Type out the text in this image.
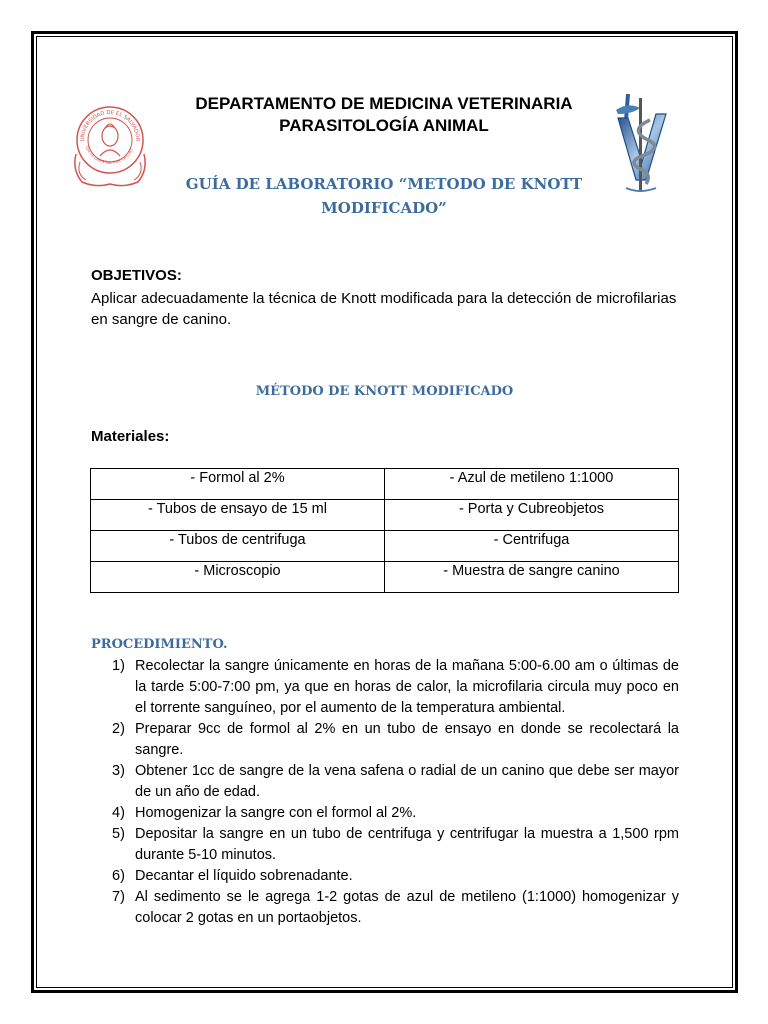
UNIVERSIDAD DE EL SALVADOR
CIA LA LIBERTAD POR LA CULT
DEPARTAMENTO DE MEDICINA VETERINARIA
PARASITOLOGÍA ANIMAL
GUÍA DE LABORATORIO “METODO DE KNOTT
MODIFICADO”
OBJETIVOS:
Aplicar adecuadamente la técnica de Knott modificada para la detección de microfilarias
en sangre de canino.
MÉTODO DE KNOTT MODIFICADO
Materiales:
- Formol al 2%	- Azul de metileno 1:1000
- Tubos de ensayo de 15 ml	- Porta y Cubreobjetos
- Tubos de centrifuga	- Centrifuga
- Microscopio	- Muestra de sangre canino
PROCEDIMIENTO.
1) Recolectar la sangre únicamente en horas de la mañana 5:00-6.00 am o últimas de la tarde 5:00-7:00 pm, ya que en horas de calor, la microfilaria circula muy poco en el torrente sanguíneo, por el aumento de la temperatura ambiental.
2) Preparar 9cc de formol al 2% en un tubo de ensayo en donde se recolectará la sangre.
3) Obtener 1cc de sangre de la vena safena o radial de un canino que debe ser mayor de un año de edad.
4) Homogenizar la sangre con el formol al 2%.
5) Depositar la sangre en un tubo de centrifuga y centrifugar la muestra a 1,500 rpm durante 5-10 minutos.
6) Decantar el líquido sobrenadante.
7) Al sedimento se le agrega 1-2 gotas de azul de metileno (1:1000) homogenizar y colocar 2 gotas en un portaobjetos.
